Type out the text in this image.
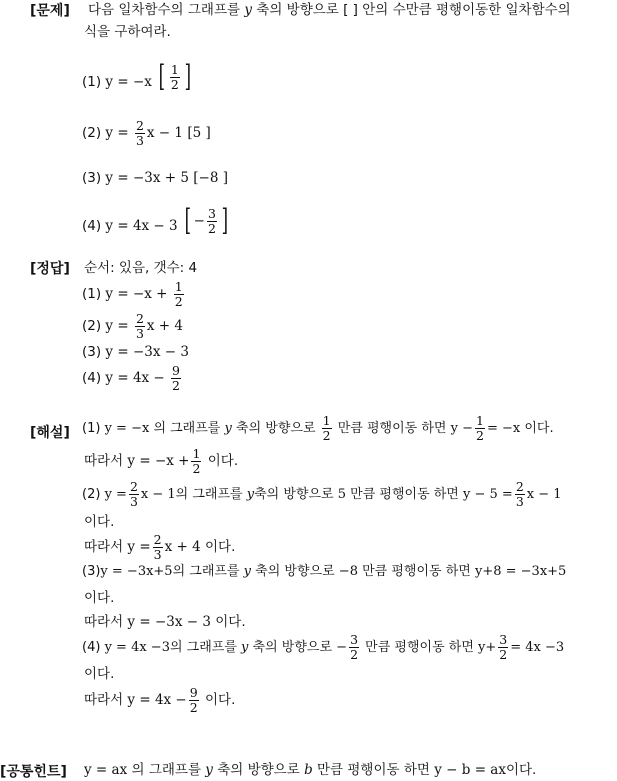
[문제] 다음 일차함수의 그래프를 y 축의 방향으로 [ ] 안의 수만큼 평행이동한 일차함수의
식을 구하여라.
(1) y = −x [ $\frac{1}{2}$ ]
(2) $y = \frac{2}{3}$ x − 1 [5 ]
(3) y = −3x + 5 [−8 ]
(4) y = 4x − 3 [ − $\frac{3}{2}$ ]
[정답] 순서: 있음, 갯수: 4
(1) $y = -x + \frac{1}{2}$
(2) $y = \frac{2}{3}$ x + 4
(3) y = −3x − 3
(4) $y = 4x - \frac{9}{2}$
[해설] (1) y = −x 의 그래프를 y 축의 방향으로 $\frac{1}{2}$ 만큼 평행이동 하면 $y - \frac{1}{2} = -x$ 이다.
따라서 $y = -x + \frac{1}{2}$ 이다.
(2) $y = \frac{2}{3}$ x − 1의 그래프를 y축의 방향으로 5 만큼 평행이동 하면 $y - 5 = \frac{2}{3}$ x − 1
이다.
따라서 $y = \frac{2}{3}$ x + 4 이다.
(3)y = −3x+5의 그래프를 y 축의 방향으로 −8 만큼 평행이동 하면 y+8 = −3x+5
이다.
따라서 y = −3x − 3 이다.
(4) y = 4x −3의 그래프를 y 축의 방향으로 − $\frac{3}{2}$ 만큼 평행이동 하면 $y+ \frac{3}{2} = 4x -3$
이다.
따라서 $y = 4x - \frac{9}{2}$ 이다.
[공통힌트] y = ax 의 그래프를 y 축의 방향으로 b 만큼 평행이동 하면 y − b = ax이다.
